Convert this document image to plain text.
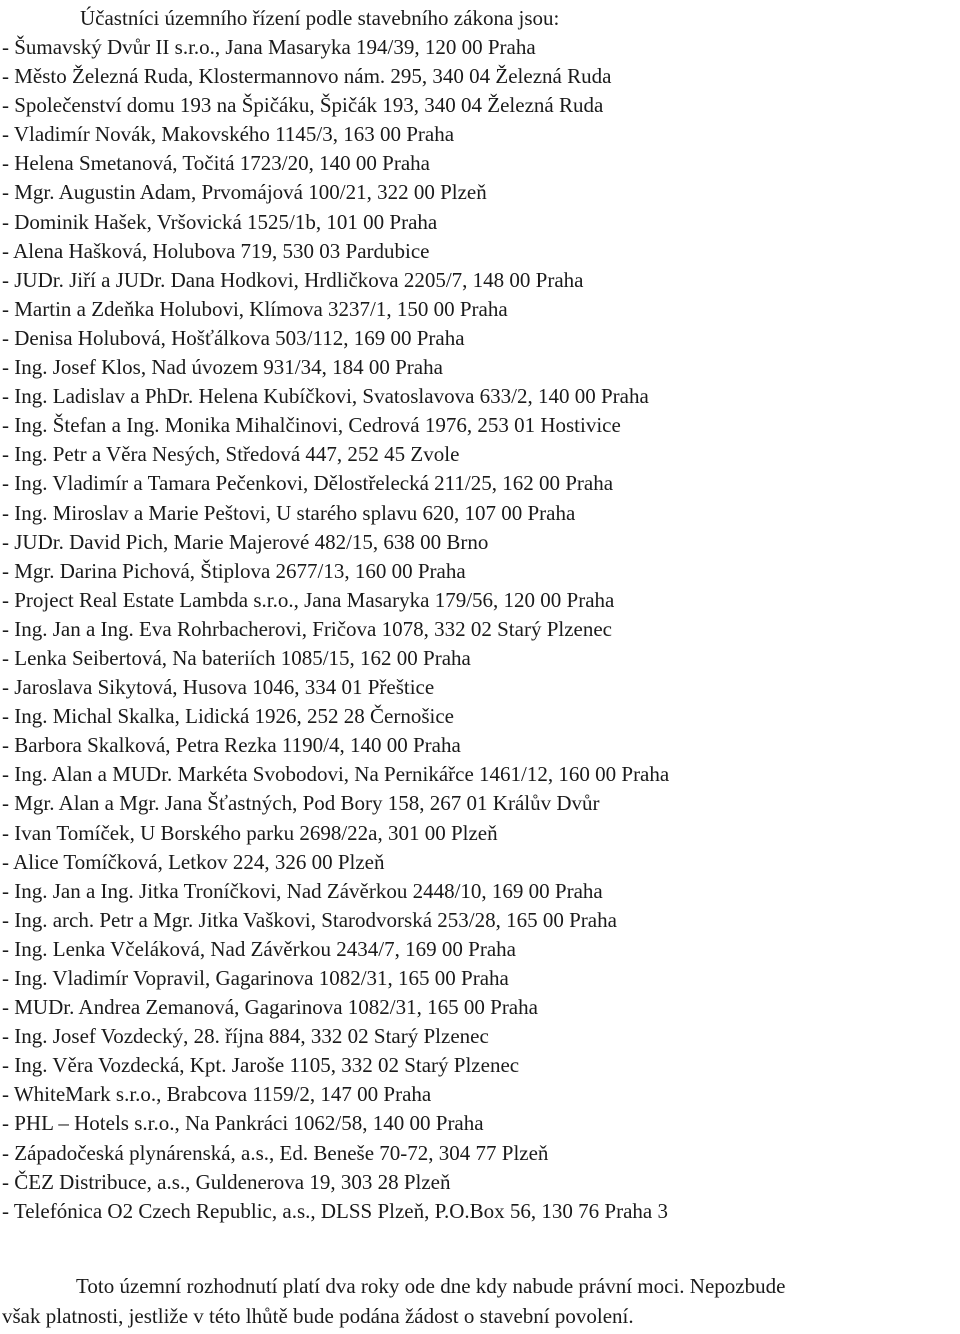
Účastníci územního řízení podle stavebního zákona jsou:
- Šumavský Dvůr II s.r.o., Jana Masaryka 194/39, 120 00 Praha
- Město Železná Ruda, Klostermannovo nám. 295, 340 04 Železná Ruda
- Společenství domu 193 na Špičáku, Špičák 193, 340 04 Železná Ruda
- Vladimír Novák, Makovského 1145/3, 163 00 Praha
- Helena Smetanová, Točitá 1723/20, 140 00 Praha
- Mgr. Augustin Adam, Prvomájová 100/21, 322 00 Plzeň
- Dominik Hašek, Vršovická 1525/1b, 101 00 Praha
- Alena Hašková, Holubova 719, 530 03 Pardubice
- JUDr. Jiří a JUDr. Dana Hodkovi, Hrdličkova 2205/7, 148 00 Praha
- Martin a Zdeňka Holubovi, Klímova 3237/1, 150 00 Praha
- Denisa Holubová, Hošťálkova 503/112, 169 00 Praha
- Ing. Josef Klos, Nad úvozem 931/34, 184 00 Praha
- Ing. Ladislav a PhDr. Helena Kubíčkovi, Svatoslavova 633/2, 140 00 Praha
- Ing. Štefan a Ing. Monika Mihalčinovi, Cedrová 1976, 253 01 Hostivice
- Ing. Petr a Věra Nesých, Středová 447, 252 45 Zvole
- Ing. Vladimír a Tamara Pečenkovi, Dělostřelecká 211/25, 162 00 Praha
- Ing. Miroslav a Marie Peštovi, U starého splavu 620, 107 00 Praha
- JUDr. David Pich, Marie Majerové 482/15, 638 00 Brno
- Mgr. Darina Pichová, Štiplova 2677/13, 160 00 Praha
- Project Real Estate Lambda s.r.o., Jana Masaryka 179/56, 120 00 Praha
- Ing. Jan a Ing. Eva Rohrbacherovi, Fričova 1078, 332 02 Starý Plzenec
- Lenka Seibertová, Na bateriích 1085/15, 162 00 Praha
- Jaroslava Sikytová, Husova 1046, 334 01 Přeštice
- Ing. Michal Skalka, Lidická 1926, 252 28 Černošice
- Barbora Skalková, Petra Rezka 1190/4, 140 00 Praha
- Ing. Alan a MUDr. Markéta Svobodovi, Na Pernikářce 1461/12, 160 00 Praha
- Mgr. Alan a Mgr. Jana Šťastných, Pod Bory 158, 267 01 Králův Dvůr
- Ivan Tomíček, U Borského parku 2698/22a, 301 00 Plzeň
- Alice Tomíčková, Letkov 224, 326 00 Plzeň
- Ing. Jan a Ing. Jitka Troníčkovi, Nad Závěrkou 2448/10, 169 00 Praha
- Ing. arch. Petr a Mgr. Jitka Vaškovi, Starodvorská 253/28, 165 00 Praha
- Ing. Lenka Včeláková, Nad Závěrkou 2434/7, 169 00 Praha
- Ing. Vladimír Vopravil, Gagarinova 1082/31, 165 00 Praha
- MUDr. Andrea Zemanová, Gagarinova 1082/31, 165 00 Praha
- Ing. Josef Vozdecký, 28. října 884, 332 02 Starý Plzenec
- Ing. Věra Vozdecká, Kpt. Jaroše 1105, 332 02 Starý Plzenec
- WhiteMark s.r.o., Brabcova 1159/2, 147 00 Praha
- PHL – Hotels s.r.o., Na Pankráci 1062/58, 140 00 Praha
- Západočeská plynárenská, a.s., Ed. Beneše 70-72, 304 77 Plzeň
- ČEZ Distribuce, a.s., Guldenerova 19, 303 28 Plzeň
- Telefónica O2 Czech Republic, a.s., DLSS Plzeň, P.O.Box 56, 130 76 Praha 3
Toto územní rozhodnutí platí dva roky ode dne kdy nabude právní moci. Nepozbude
však platnosti, jestliže v této lhůtě bude podána žádost o stavební povolení.
